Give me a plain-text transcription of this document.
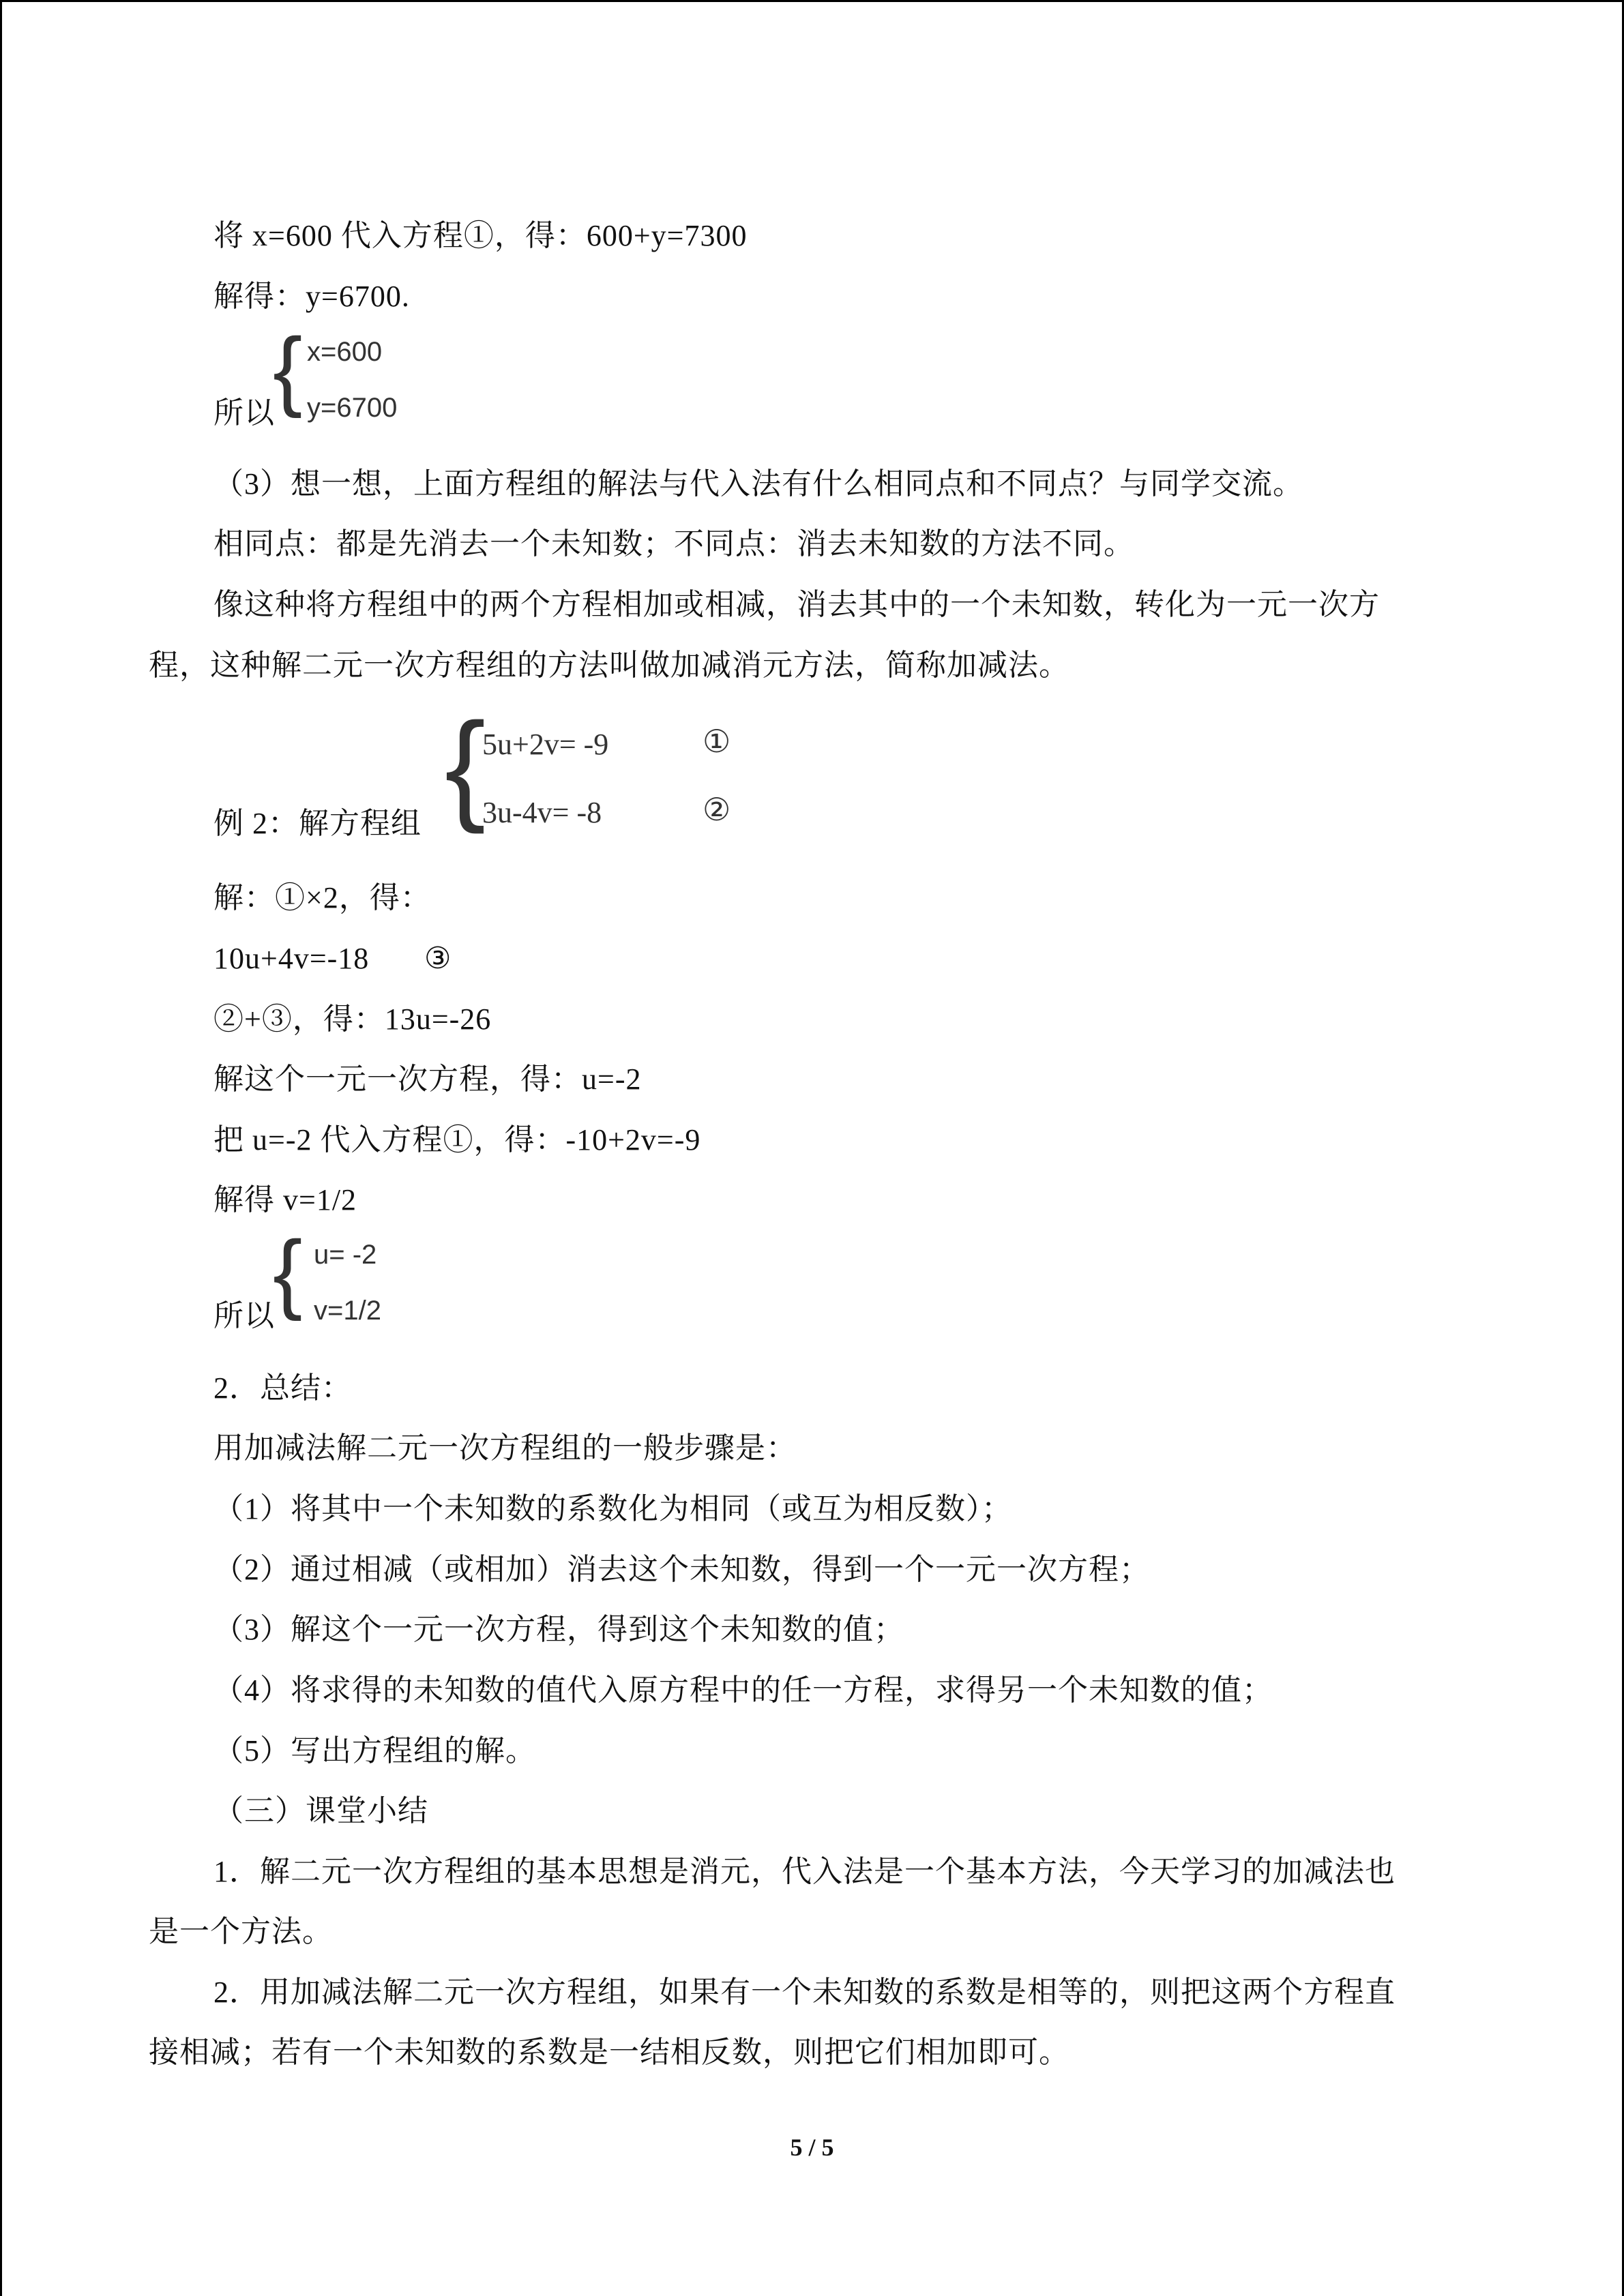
将 x=600 代入方程①，得：600+y=7300
解得：y=6700.
所以
{ x=600
y=6700
（3）想一想，上面方程组的解法与代入法有什么相同点和不同点？与同学交流。
相同点：都是先消去一个未知数；不同点：消去未知数的方法不同。
像这种将方程组中的两个方程相加或相减，消去其中的一个未知数，转化为一元一次方
程，这种解二元一次方程组的方法叫做加减消元方法，简称加减法。
例 2：解方程组 {
5u+2v= -9
3u-4v= -8
①
②
解：①×2，得：
10u+4v=-18 ③
②+③，得：13u=-26
解这个一元一次方程，得：u=-2
把 u=-2 代入方程①，得：-10+2v=-9
解得 v=1/2
所以
{ u= -2
v=1/2
2．总结：
用加减法解二元一次方程组的一般步骤是：
（1）将其中一个未知数的系数化为相同（或互为相反数）；
（2）通过相减（或相加）消去这个未知数，得到一个一元一次方程；
（3）解这个一元一次方程，得到这个未知数的值；
（4）将求得的未知数的值代入原方程中的任一方程，求得另一个未知数的值；
（5）写出方程组的解。
（三）课堂小结
1．解二元一次方程组的基本思想是消元，代入法是一个基本方法，今天学习的加减法也
是一个方法。
2．用加减法解二元一次方程组，如果有一个未知数的系数是相等的，则把这两个方程直
接相减；若有一个未知数的系数是一结相反数，则把它们相加即可。
5 / 5
